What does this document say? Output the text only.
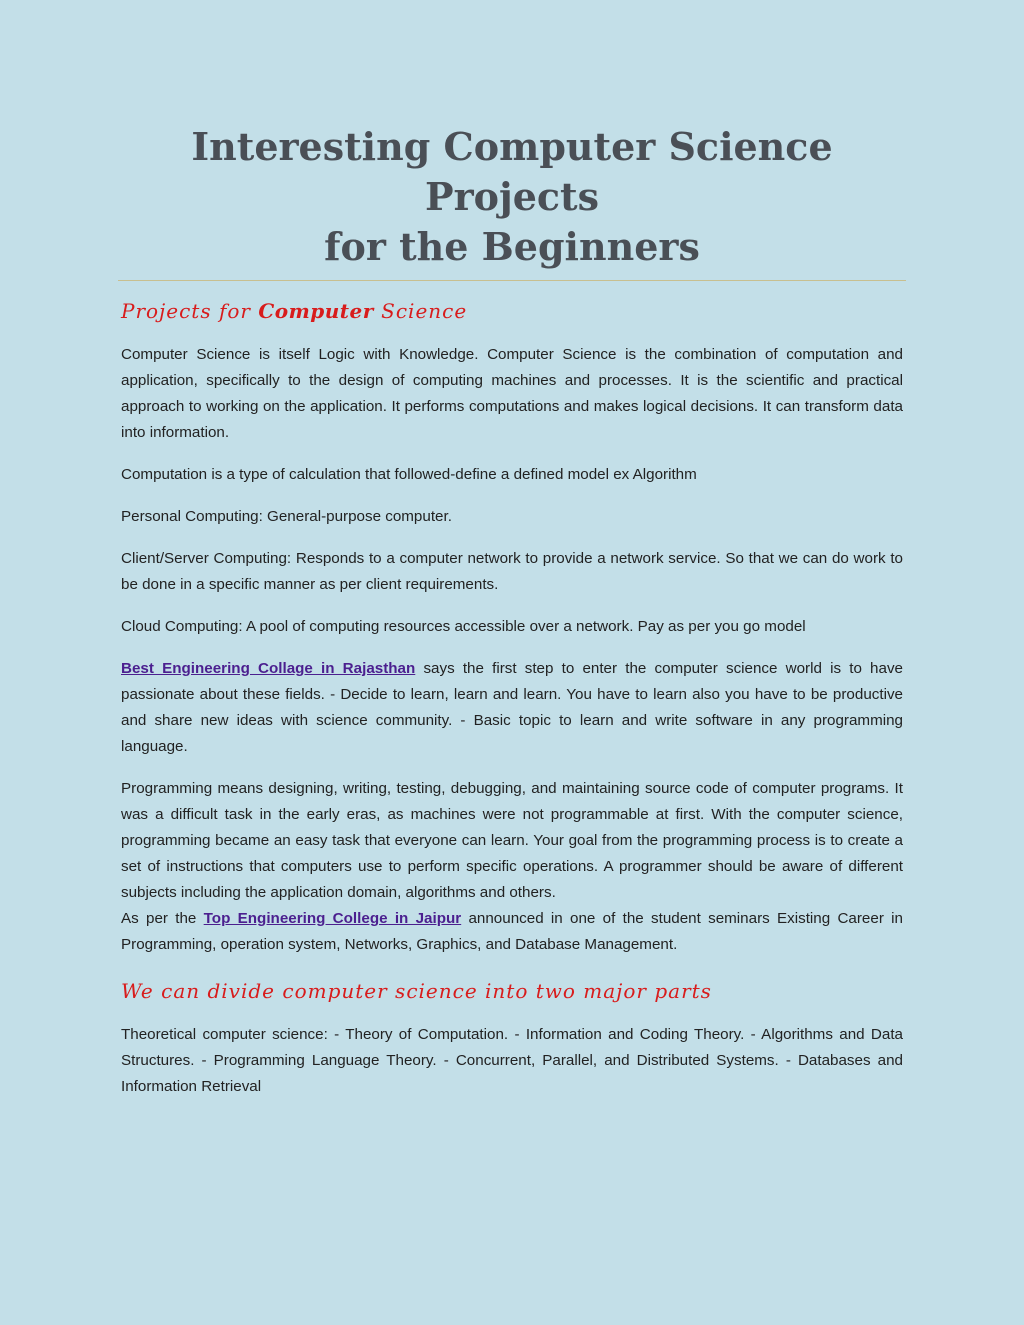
Interesting Computer Science Projects
for the Beginners
Projects for Computer Science

Computer Science is itself Logic with Knowledge. Computer Science is the combination of computation and application, specifically to the design of computing machines and processes. It is the scientific and practical approach to working on the application. It performs computations and makes logical decisions. It can transform data into information.

Computation is a type of calculation that followed-define a defined model ex Algorithm

Personal Computing: General-purpose computer.

Client/Server Computing: Responds to a computer network to provide a network service. So that we can do work to be done in a specific manner as per client requirements.

Cloud Computing: A pool of computing resources accessible over a network. Pay as per you go model

Best Engineering Collage in Rajasthan says the first step to enter the computer science world is to have passionate about these fields. - Decide to learn, learn and learn. You have to learn also you have to be productive and share new ideas with science community. - Basic topic to learn and write software in any programming language.

Programming means designing, writing, testing, debugging, and maintaining source code of computer programs. It was a difficult task in the early eras, as machines were not programmable at first. With the computer science, programming became an easy task that everyone can learn. Your goal from the programming process is to create a set of instructions that computers use to perform specific operations. A programmer should be aware of different subjects including the application domain, algorithms and others.

As per the Top Engineering College in Jaipur announced in one of the student seminars Existing Career in Programming, operation system, Networks, Graphics, and Database Management.

We can divide computer science into two major parts

Theoretical computer science: - Theory of Computation. - Information and Coding Theory. - Algorithms and Data Structures. - Programming Language Theory. - Concurrent, Parallel, and Distributed Systems. - Databases and Information Retrieval
